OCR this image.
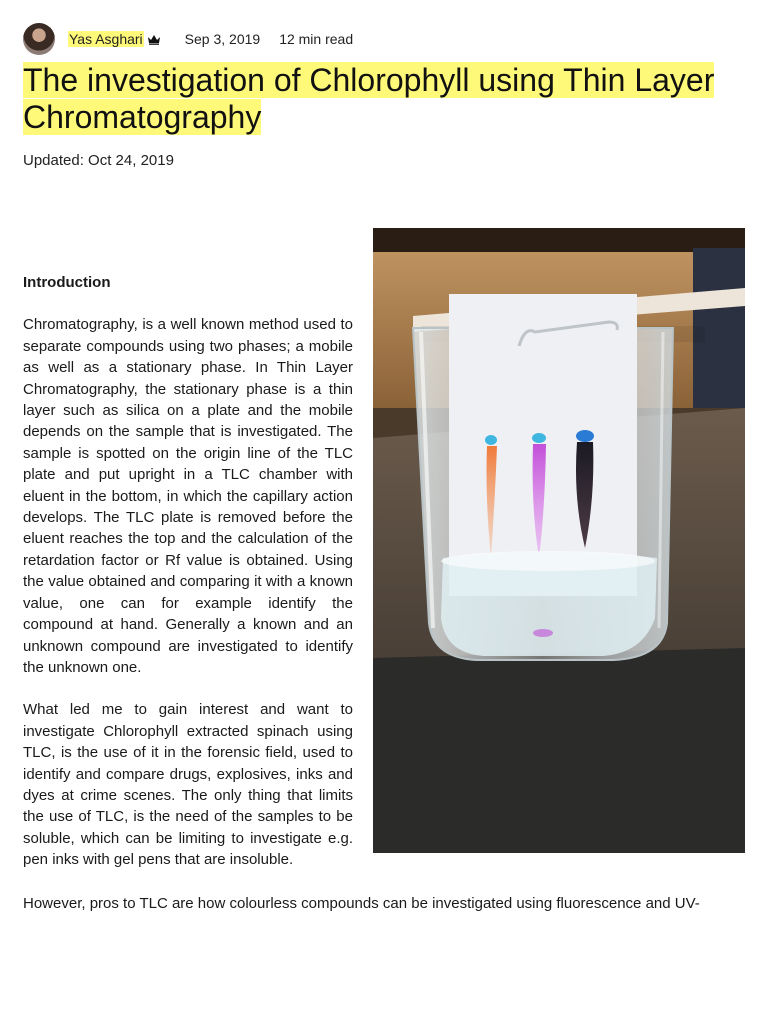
Yas Asghari	Sep 3, 2019 12 min read
The investigation of Chlorophyll using Thin Layer Chromatography
Updated: Oct 24, 2019
Introduction

Chromatography, is a well known method used to separate compounds using two phases; a mobile as well as a stationary phase. In Thin Layer Chromatography, the stationary phase is a thin layer such as silica on a plate and the mobile depends on the sample that is investigated. The sample is spotted on the origin line of the TLC plate and put upright in a TLC chamber with eluent in the bottom, in which the capillary action develops. The TLC plate is removed before the eluent reaches the top and the calculation of the retardation factor or Rf value is obtained. Using the value obtained and comparing it with a known value, one can for example identify the compound at hand. Generally a known and an unknown compound are investigated to identify the unknown one.

What led me to gain interest and want to investigate Chlorophyll extracted spinach using TLC, is the use of it in the forensic field, used to identify and compare drugs, explosives, inks and dyes at crime scenes. The only thing that limits the use of TLC, is the need of the samples to be soluble, which can be limiting to investigate e.g. pen inks with gel pens that are insoluble.

However, pros to TLC are how colourless compounds can be investigated using fluorescence and UV-
